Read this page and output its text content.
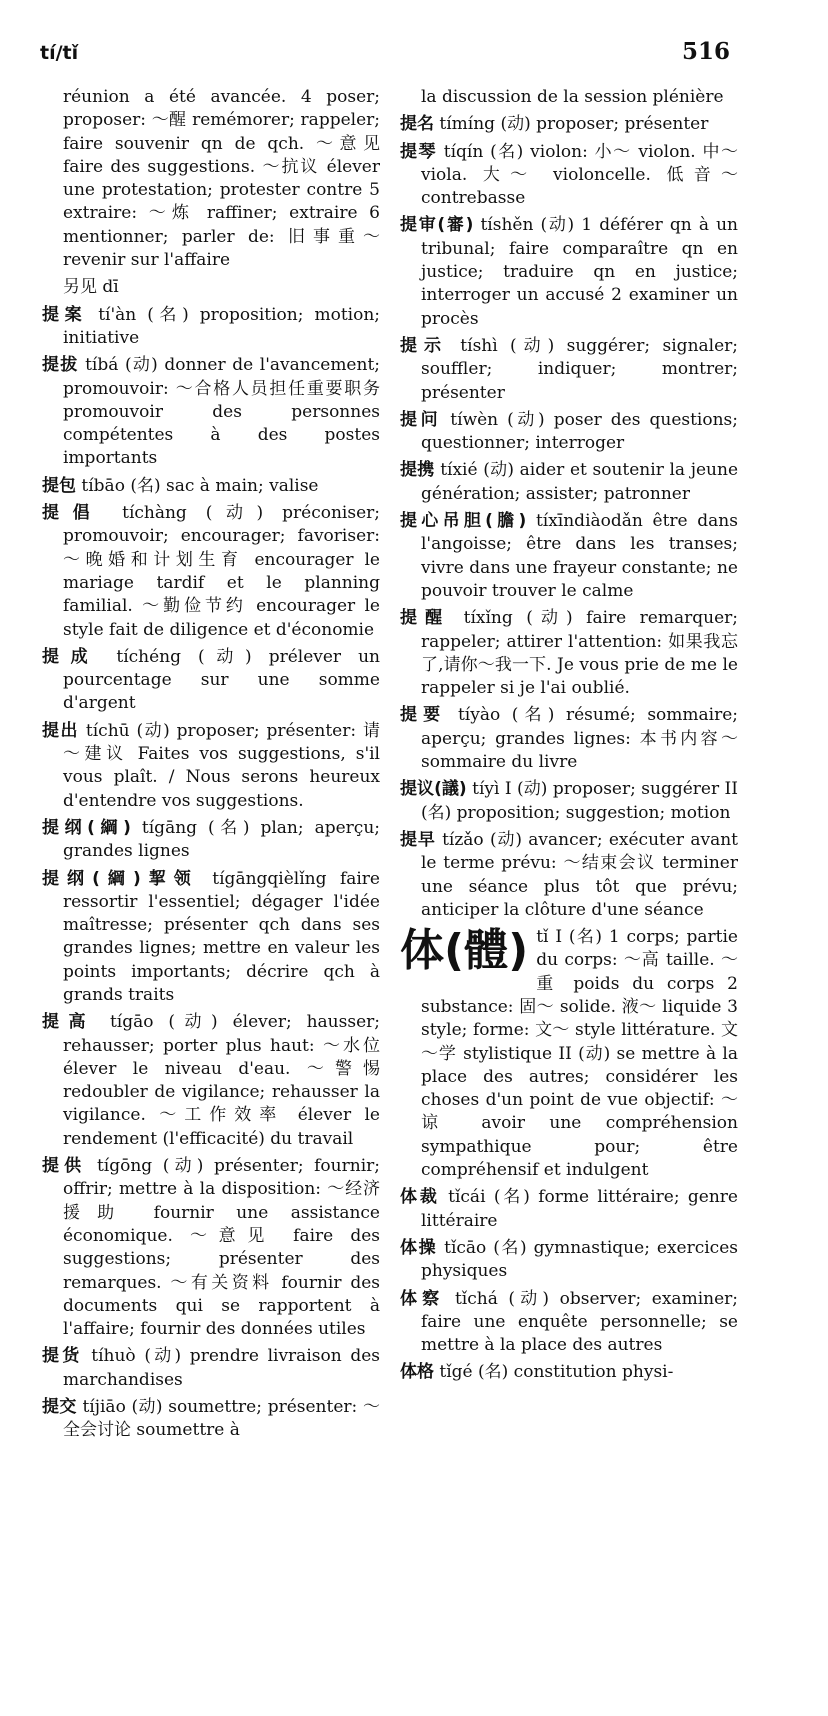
tí/tǐ	516

réunion a été avancée. 4 poser; proposer: ～醒 remémorer; rappeler; faire souvenir qn de qch. ～意见 faire des suggestions. ～抗议 élever une protestation; protester contre 5 extraire: ～炼 raffiner; extraire 6 mentionner; parler de: 旧事重～ revenir sur l'affaire

另见 dī

提案 tí'àn (名) proposition; motion; initiative

提拔 tíbá (动) donner de l'avancement; promouvoir: ～合格人员担任重要职务 promouvoir des personnes compétentes à des postes importants

提包 tíbāo (名) sac à main; valise

提倡 tíchàng (动) préconiser; promouvoir; encourager; favoriser: ～晚婚和计划生育 encourager le mariage tardif et le planning familial. ～勤俭节约 encourager le style fait de diligence et d'économie

提成 tíchéng (动) prélever un pourcentage sur une somme d'argent

提出 tíchū (动) proposer; présenter: 请～建议 Faites vos suggestions, s'il vous plaît. / Nous serons heureux d'entendre vos suggestions.

提纲(綱) tígāng (名) plan; aperçu; grandes lignes

提纲(綱)挈领 tígāngqièlǐng faire ressortir l'essentiel; dégager l'idée maîtresse; présenter qch dans ses grandes lignes; mettre en valeur les points importants; décrire qch à grands traits

提高 tígāo (动) élever; hausser; rehausser; porter plus haut: ～水位 élever le niveau d'eau. ～警惕 redoubler de vigilance; rehausser la vigilance. ～工作效率 élever le rendement (l'efficacité) du travail

提供 tígōng (动) présenter; fournir; offrir; mettre à la disposition: ～经济援助 fournir une assistance économique. ～意见 faire des suggestions; présenter des remarques. ～有关资料 fournir des documents qui se rapportent à l'affaire; fournir des données utiles

提货 tíhuò (动) prendre livraison des marchandises

提交 tíjiāo (动) soumettre; présenter: ～全会讨论 soumettre à

la discussion de la session plénière

提名 tímíng (动) proposer; présenter

提琴 tíqín (名) violon: 小～ violon. 中～ viola. 大～ violoncelle. 低音～ contrebasse

提审(審) tíshěn (动) 1 déférer qn à un tribunal; faire comparaître qn en justice; traduire qn en justice; interroger un accusé 2 examiner un procès

提示 tíshì (动) suggérer; signaler; souffler; indiquer; montrer; présenter

提问 tíwèn (动) poser des questions; questionner; interroger

提携 tíxié (动) aider et soutenir la jeune génération; assister; patronner

提心吊胆(膽) tíxīndiàodǎn être dans l'angoisse; être dans les transes; vivre dans une frayeur constante; ne pouvoir trouver le calme

提醒 tíxǐng (动) faire remarquer; rappeler; attirer l'attention: 如果我忘了,请你～我一下. Je vous prie de me le rappeler si je l'ai oublié.

提要 tíyào (名) résumé; sommaire; aperçu; grandes lignes: 本书内容～ sommaire du livre

提议(議) tíyì I (动) proposer; suggérer II (名) proposition; suggestion; motion

提早 tízǎo (动) avancer; exécuter avant le terme prévu: ～结束会议 terminer une séance plus tôt que prévu; anticiper la clôture d'une séance

体(體) tǐ I (名) 1 corps; partie du corps: ～高 taille. ～重 poids du corps 2 substance: 固～ solide. 液～ liquide 3 style; forme: 文～ style littérature. 文～学 stylistique II (动) se mettre à la place des autres; considérer les choses d'un point de vue objectif: ～谅 avoir une compréhension sympathique pour; être compréhensif et indulgent

体裁 tǐcái (名) forme littéraire; genre littéraire

体操 tǐcāo (名) gymnastique; exercices physiques

体察 tǐchá (动) observer; examiner; faire une enquête personnelle; se mettre à la place des autres

体格 tǐgé (名) constitution physi-
